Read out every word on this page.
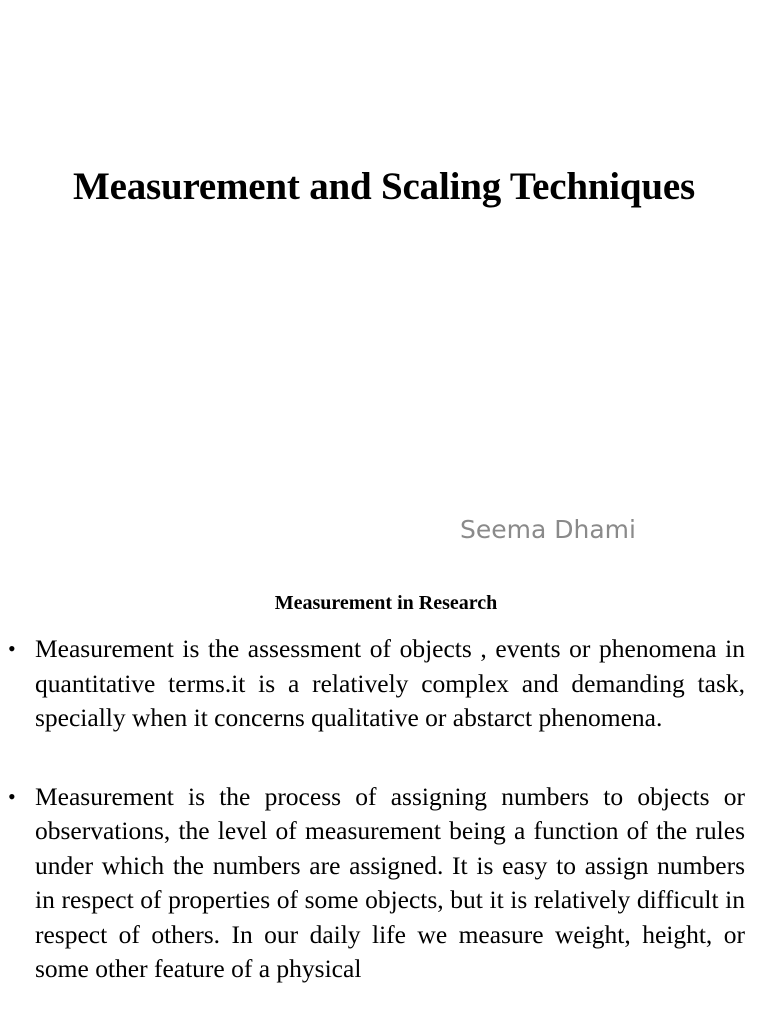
Measurement and Scaling Techniques
Seema Dhami
Measurement in Research
• Measurement is the assessment of objects , events or phenomena in quantitative terms.it is a relatively complex and demanding task, specially when it concerns qualitative or abstarct phenomena.
• Measurement is the process of assigning numbers to objects or observations, the level of measurement being a function of the rules under which the numbers are assigned. It is easy to assign numbers in respect of properties of some objects, but it is relatively difficult in respect of others. In our daily life we measure weight, height, or some other feature of a physical
